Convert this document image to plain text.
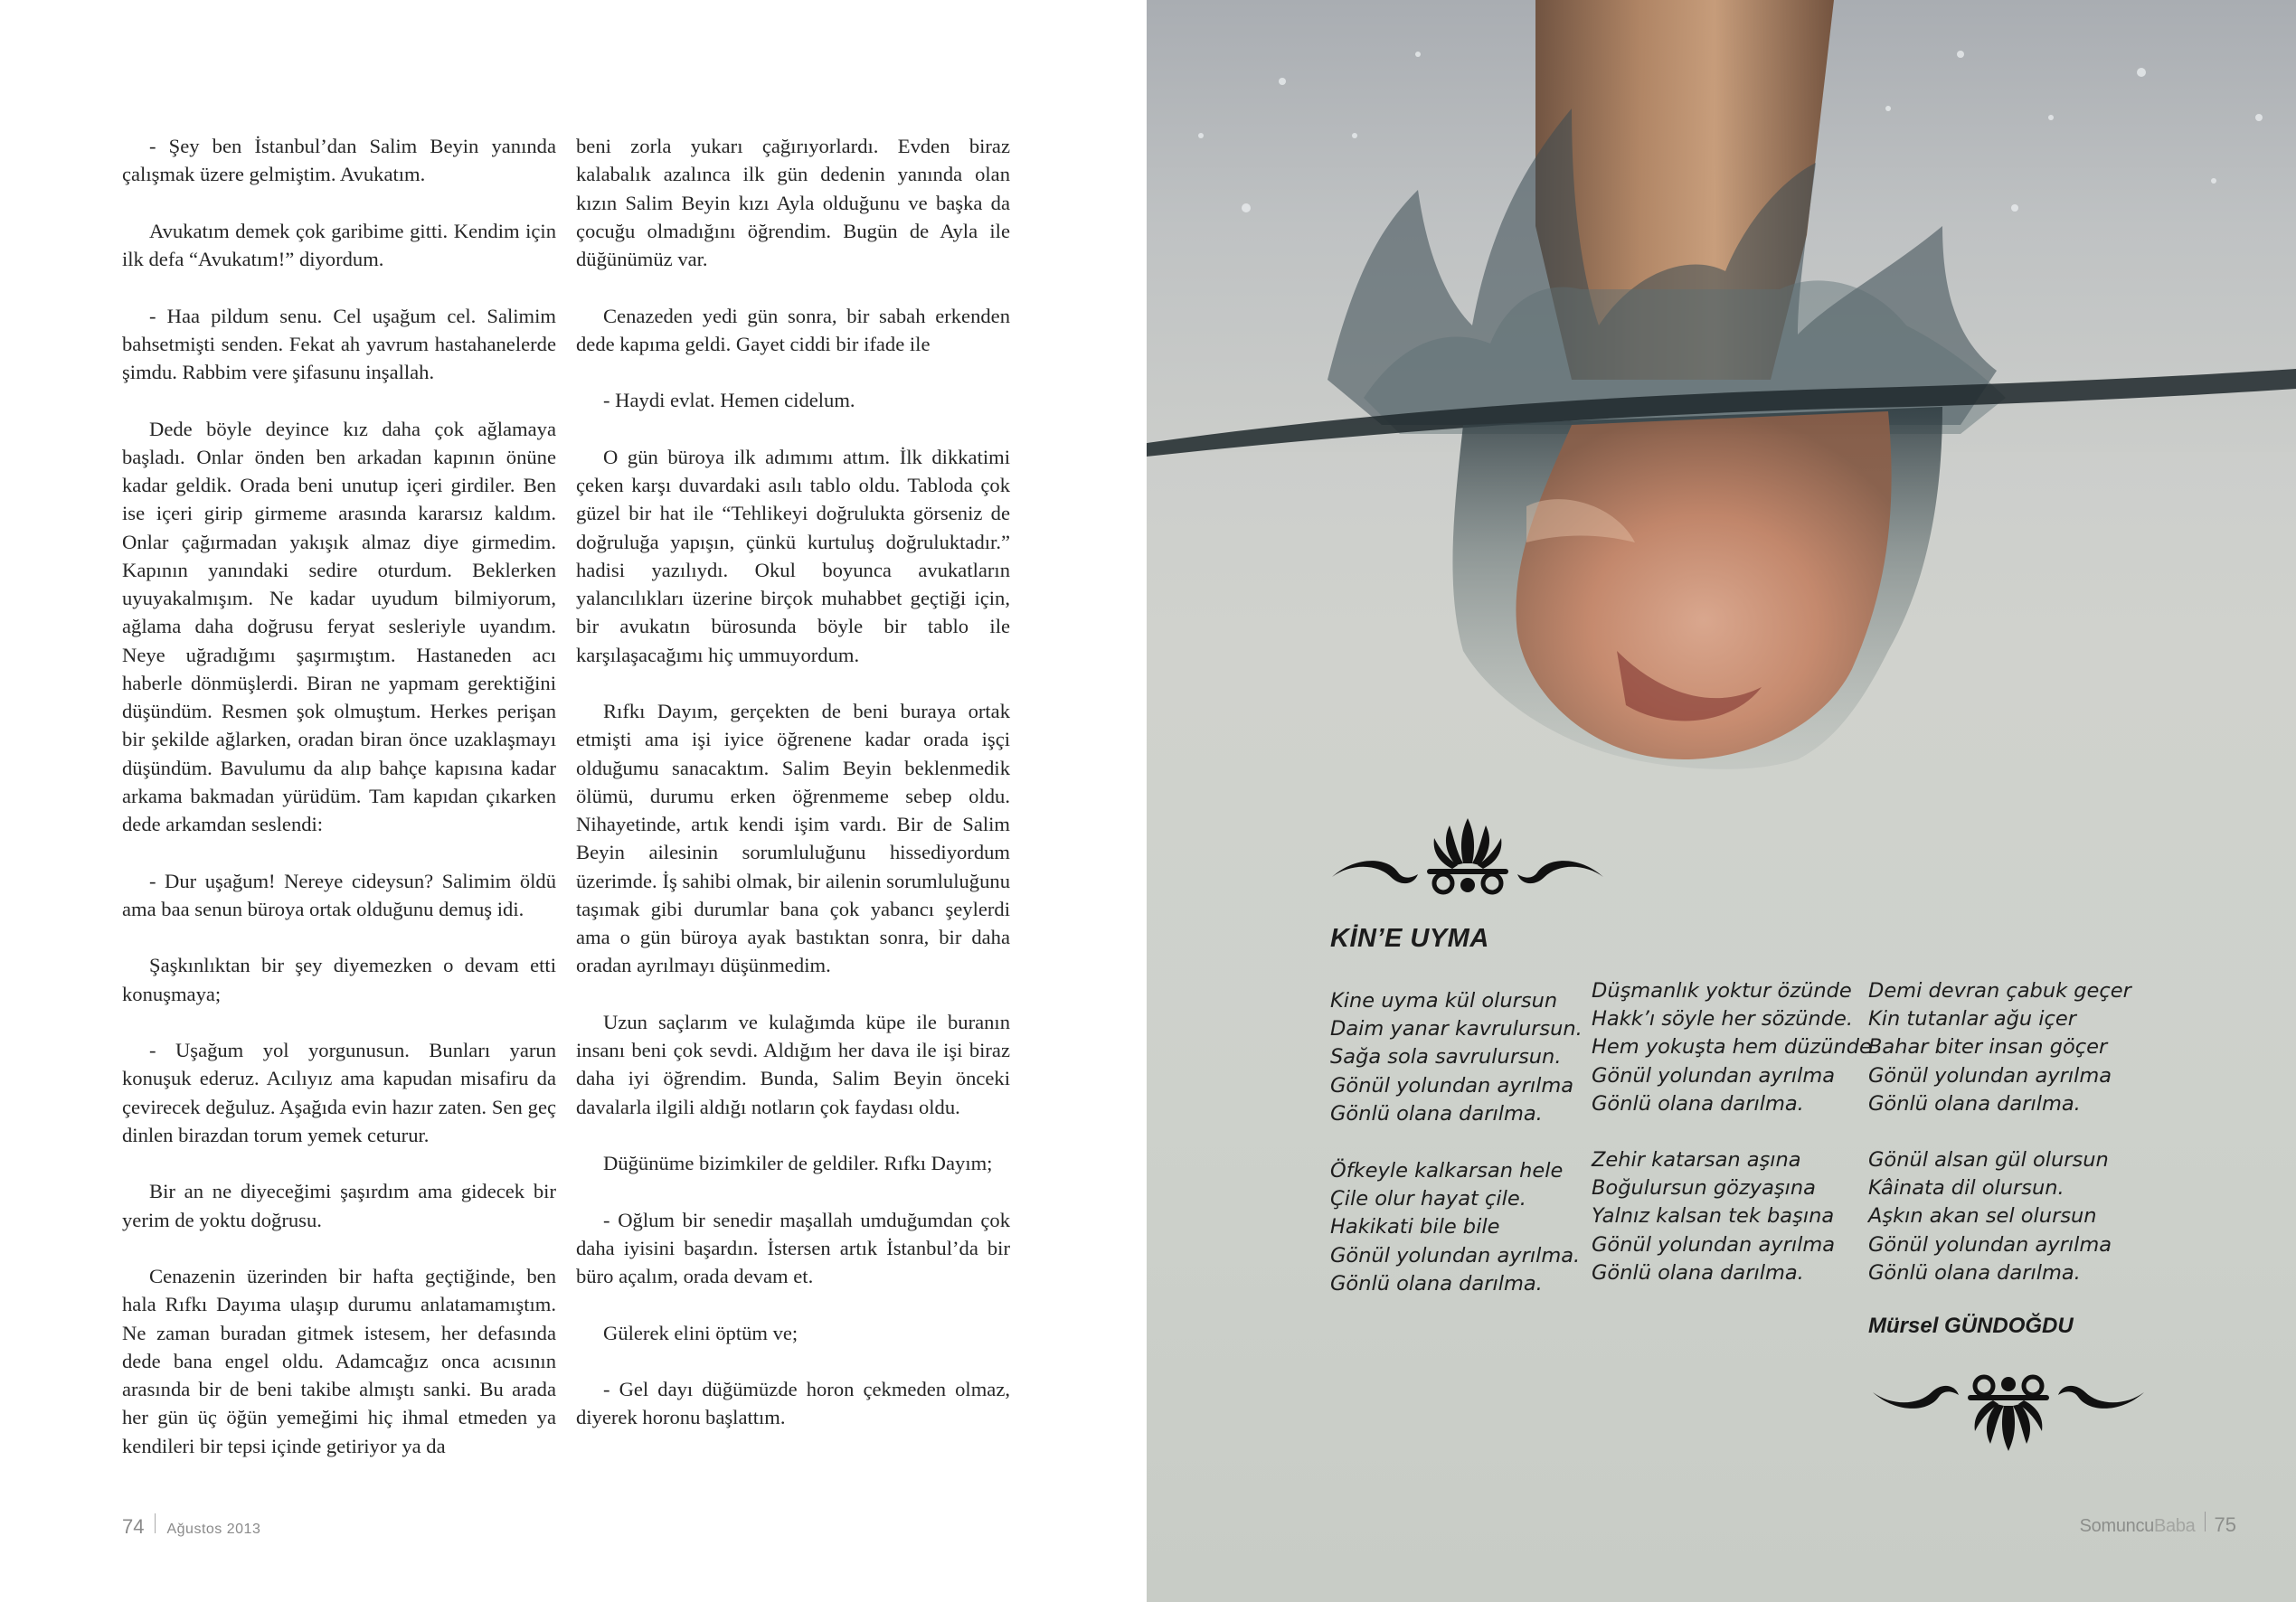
- Şey ben İstanbul’dan Salim Beyin yanında çalışmak üzere gelmiştim. Avukatım.

Avukatım demek çok garibime gitti. Kendim için ilk defa “Avukatım!” diyordum.

- Haa pildum senu. Cel uşağum cel. Salimim bahsetmişti senden. Fekat ah yavrum hastahanelerde şimdu. Rabbim vere şifasunu inşallah.

Dede böyle deyince kız daha çok ağlamaya başladı. Onlar önden ben arkadan kapının önüne kadar geldik. Orada beni unutup içeri girdiler. Ben ise içeri girip girmeme arasında kararsız kaldım. Onlar çağırmadan yakışık almaz diye girmedim. Kapının yanındaki sedire oturdum. Beklerken uyuyakalmışım. Ne kadar uyudum bilmiyorum, ağlama daha doğrusu feryat sesleriyle uyandım. Neye uğradığımı şaşırmıştım. Hastaneden acı haberle dönmüşlerdi. Biran ne yapmam gerektiğini düşündüm. Resmen şok olmuştum. Herkes perişan bir şekilde ağlarken, oradan biran önce uzaklaşmayı düşündüm. Bavulumu da alıp bahçe kapısına kadar arkama bakmadan yürüdüm. Tam kapıdan çıkarken dede arkamdan seslendi:

- Dur uşağum! Nereye cideysun? Salimim öldü ama baa senun büroya ortak olduğunu demuş idi.

Şaşkınlıktan bir şey diyemezken o devam etti konuşmaya;

- Uşağum yol yorgunusun. Bunları yarun konuşuk ederuz. Acılıyız ama kapudan misafiru da çevirecek değuluz. Aşağıda evin hazır zaten. Sen geç dinlen birazdan torum yemek ceturur.

Bir an ne diyeceğimi şaşırdım ama gidecek bir yerim de yoktu doğrusu.

Cenazenin üzerinden bir hafta geçtiğinde, ben hala Rıfkı Dayıma ulaşıp durumu anlatamamıştım. Ne zaman buradan gitmek istesem, her defasında dede bana engel oldu. Adamcağız onca acısının arasında bir de beni takibe almıştı sanki. Bu arada her gün üç öğün yemeğimi hiç ihmal etmeden ya kendileri bir tepsi içinde getiriyor ya da

beni zorla yukarı çağırıyorlardı. Evden biraz kalabalık azalınca ilk gün dedenin yanında olan kızın Salim Beyin kızı Ayla olduğunu ve başka da çocuğu olmadığını öğrendim. Bugün de Ayla ile düğünümüz var.

Cenazeden yedi gün sonra, bir sabah erkenden dede kapıma geldi. Gayet ciddi bir ifade ile

- Haydi evlat. Hemen cidelum.

O gün büroya ilk adımımı attım. İlk dikkatimi çeken karşı duvardaki asılı tablo oldu. Tabloda çok güzel bir hat ile “Tehlikeyi doğrulukta görseniz de doğruluğa yapışın, çünkü kurtuluş doğruluktadır.” hadisi yazılıydı. Okul boyunca avukatların yalancılıkları üzerine birçok muhabbet geçtiği için, bir avukatın bürosunda böyle bir tablo ile karşılaşacağımı hiç ummuyordum.

Rıfkı Dayım, gerçekten de beni buraya ortak etmişti ama işi iyice öğrenene kadar orada işçi olduğumu sanacaktım. Salim Beyin beklenmedik ölümü, durumu erken öğrenmeme sebep oldu. Nihayetinde, artık kendi işim vardı. Bir de Salim Beyin ailesinin sorumluluğunu hissediyordum üzerimde. İş sahibi olmak, bir ailenin sorumluluğunu taşımak gibi durumlar bana çok yabancı şeylerdi ama o gün büroya ayak bastıktan sonra, bir daha oradan ayrılmayı düşünmedim.

Uzun saçlarım ve kulağımda küpe ile buranın insanı beni çok sevdi. Aldığım her dava ile işi biraz daha iyi öğrendim. Bunda, Salim Beyin önceki davalarla ilgili aldığı notların çok faydası oldu.

Düğünüme bizimkiler de geldiler. Rıfkı Dayım;

- Oğlum bir senedir maşallah umduğumdan çok daha iyisini başardın. İstersen artık İstanbul’da bir büro açalım, orada devam et.

Gülerek elini öptüm ve;

- Gel dayı düğümüzde horon çekmeden olmaz, diyerek horonu başlattım.

74 Ağustos 2013
KİN’E UYMA
Kine uyma kül olursun
Daim yanar kavrulursun.
Sağa sola savrulursun.
Gönül yolundan ayrılma
Gönlü olana darılma.
Öfkeyle kalkarsan hele
Çile olur hayat çile.
Hakikati bile bile
Gönül yolundan ayrılma.
Gönlü olana darılma.
Düşmanlık yoktur özünde
Hakk’ı söyle her sözünde.
Hem yokuşta hem düzünde
Gönül yolundan ayrılma
Gönlü olana darılma.
Zehir katarsan aşına
Boğulursun gözyaşına
Yalnız kalsan tek başına
Gönül yolundan ayrılma
Gönlü olana darılma.
Demi devran çabuk geçer
Kin tutanlar ağu içer
Bahar biter insan göçer
Gönül yolundan ayrılma
Gönlü olana darılma.
Gönül alsan gül olursun
Kâinata dil olursun.
Aşkın akan sel olursun
Gönül yolundan ayrılma
Gönlü olana darılma.
Mürsel GÜNDOĞDU
Somuncu Baba 75
